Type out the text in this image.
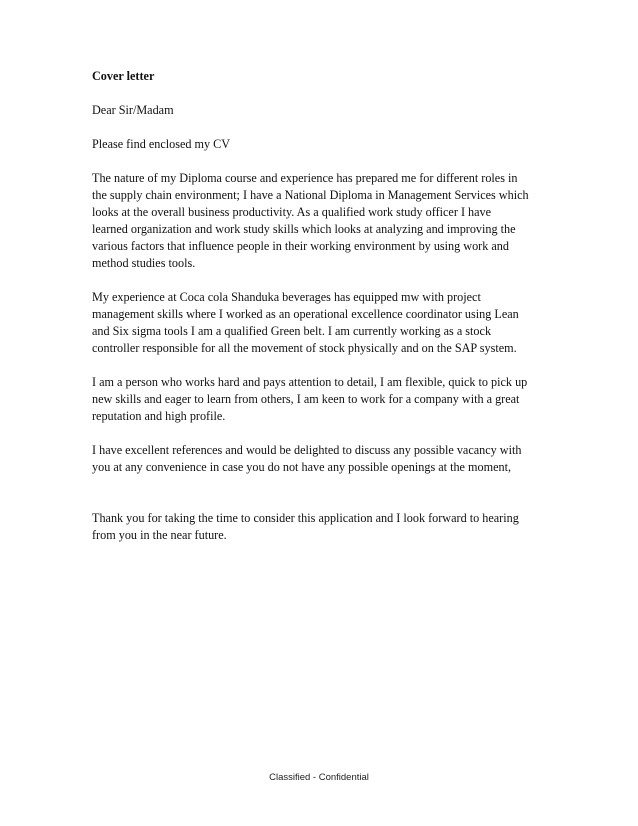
Cover letter
Dear Sir/Madam
Please find enclosed my CV
The nature of my Diploma course and experience has prepared me for different roles in
the supply chain environment; I have a National Diploma in Management Services which
looks at the overall business productivity. As a qualified work study officer I have
learned organization and work study skills which looks at analyzing and improving the
various factors that influence people in their working environment by using work and
method studies tools.
My experience at Coca cola Shanduka beverages has equipped mw with project
management skills where I worked as an operational excellence coordinator using Lean
and Six sigma tools I am a qualified Green belt. I am currently working as a stock
controller responsible for all the movement of stock physically and on the SAP system.
I am a person who works hard and pays attention to detail, I am flexible, quick to pick up
new skills and eager to learn from others, I am keen to work for a company with a great
reputation and high profile.
I have excellent references and would be delighted to discuss any possible vacancy with
you at any convenience in case you do not have any possible openings at the moment,
Thank you for taking the time to consider this application and I look forward to hearing
from you in the near future.
Classified - Confidential
